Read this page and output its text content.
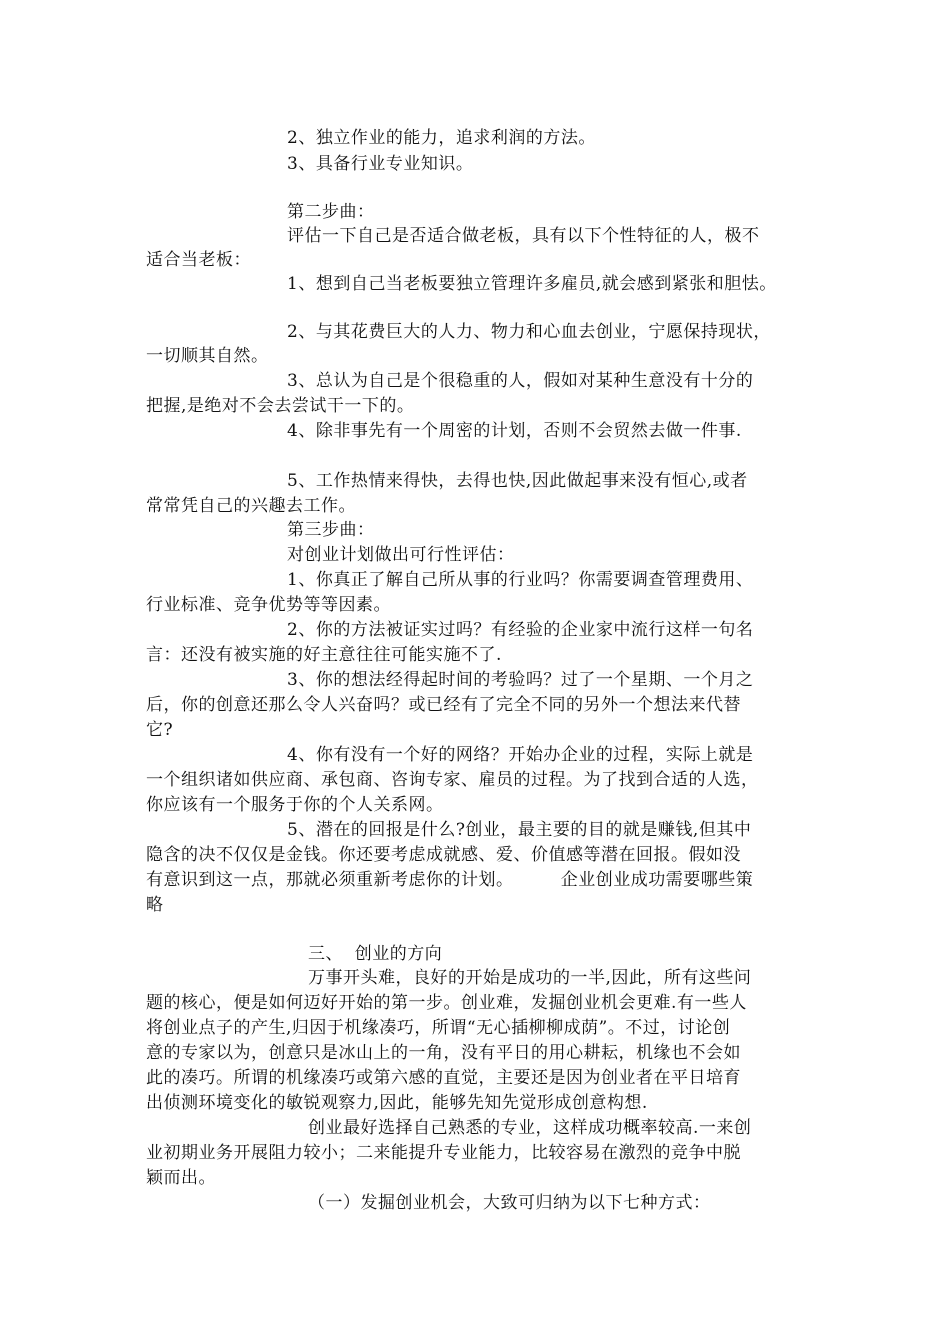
2、独立作业的能力，追求利润的方法。
3、具备行业专业知识。
第二步曲：
评估一下自己是否适合做老板，具有以下个性特征的人，极不
适合当老板：
1、想到自己当老板要独立管理许多雇员,就会感到紧张和胆怯。
2、与其花费巨大的人力、物力和心血去创业，宁愿保持现状，
一切顺其自然。
3、总认为自己是个很稳重的人，假如对某种生意没有十分的
把握,是绝对不会去尝试干一下的。
4、除非事先有一个周密的计划，否则不会贸然去做一件事.
5、工作热情来得快，去得也快,因此做起事来没有恒心,或者
常常凭自己的兴趣去工作。
第三步曲：
对创业计划做出可行性评估：
1、你真正了解自己所从事的行业吗？你需要调查管理费用、
行业标准、竞争优势等等因素。
2、你的方法被证实过吗？有经验的企业家中流行这样一句名
言：还没有被实施的好主意往往可能实施不了.
3、你的想法经得起时间的考验吗？过了一个星期、一个月之
后，你的创意还那么令人兴奋吗？或已经有了完全不同的另外一个想法来代替
它?
4、你有没有一个好的网络？开始办企业的过程，实际上就是
一个组织诸如供应商、承包商、咨询专家、雇员的过程。为了找到合适的人选，
你应该有一个服务于你的个人关系网。
5、潜在的回报是什么?创业，最主要的目的就是赚钱,但其中
隐含的决不仅仅是金钱。你还要考虑成就感、爱、价值感等潜在回报。假如没
有意识到这一点，那就必须重新考虑你的计划。        企业创业成功需要哪些策
略
三、  创业的方向
万事开头难，良好的开始是成功的一半,因此，所有这些问
题的核心，便是如何迈好开始的第一步。创业难，发掘创业机会更难.有一些人
将创业点子的产生,归因于机缘凑巧，所谓“无心插柳柳成荫”。不过，讨论创
意的专家以为，创意只是冰山上的一角，没有平日的用心耕耘，机缘也不会如
此的凑巧。所谓的机缘凑巧或第六感的直觉，主要还是因为创业者在平日培育
出侦测环境变化的敏锐观察力,因此，能够先知先觉形成创意构想.
创业最好选择自己熟悉的专业，这样成功概率较高.一来创
业初期业务开展阻力较小；二来能提升专业能力，比较容易在激烈的竞争中脱
颖而出。
（一）发掘创业机会，大致可归纳为以下七种方式：
